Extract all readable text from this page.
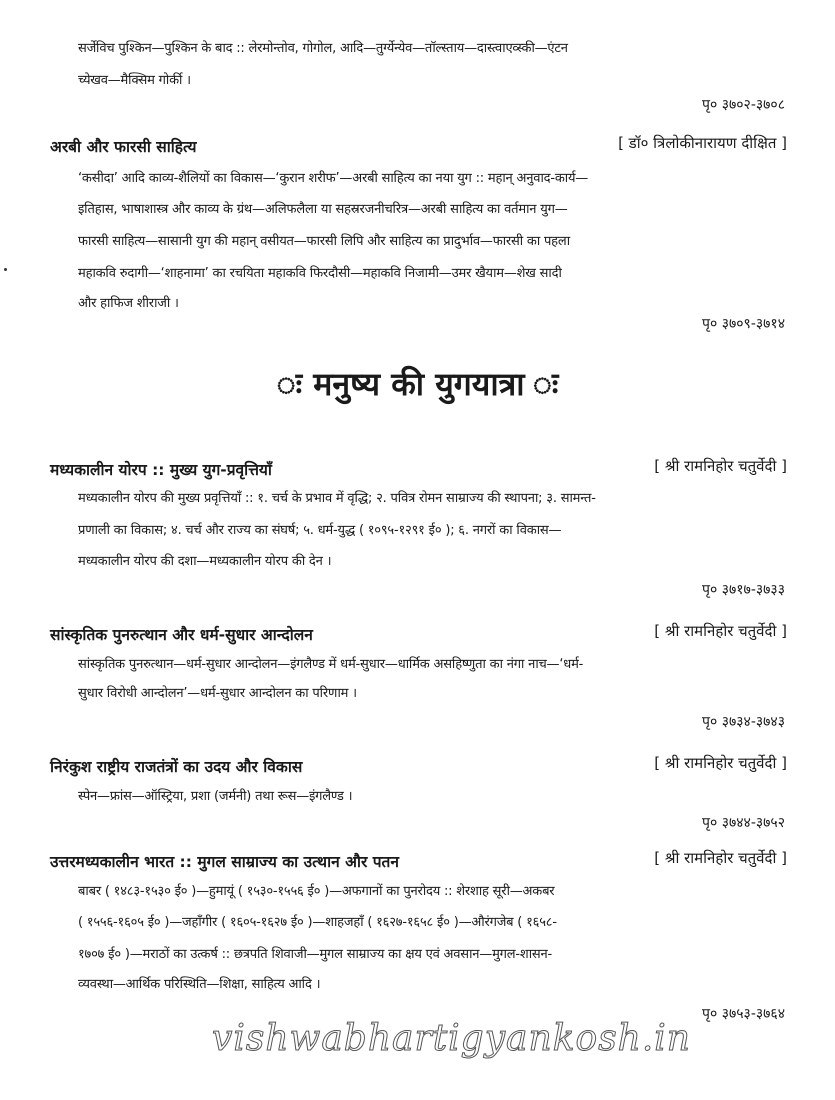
सर्जेविच पुश्किन—पुश्किन के बाद :: लेरमोन्तोव, गोगोल, आदि—तुर्ग्येन्येव—तॉल्स्ताय—दास्त्वाएव्स्की—एंटन
च्येखव—मैक्सिम गोर्की ।
पृ० ३७०२-३७०८
अरबी और फारसी साहित्य	[ डॉ० त्रिलोकीनारायण दीक्षित ]
‘कसीदा’ आदि काव्य-शैलियों का विकास—‘कुरान शरीफ’—अरबी साहित्य का नया युग :: महान् अनुवाद-कार्य—
इतिहास, भाषाशास्त्र और काव्य के ग्रंथ—अलिफलैला या सहस्ररजनीचरित्र—अरबी साहित्य का वर्तमान युग—
फारसी साहित्य—सासानी युग की महान् वसीयत—फारसी लिपि और साहित्य का प्रादुर्भाव—फारसी का पहला
महाकवि रुदागी—‘शाहनामा’ का रचयिता महाकवि फिरदौसी—महाकवि निजामी—उमर खैयाम—शेख सादी
और हाफिज शीराजी ।
पृ० ३७०९-३७१४
ः मनुष्य की युगयात्रा ः
मध्यकालीन योरप :: मुख्य युग-प्रवृत्तियाँ	[ श्री रामनिहोर चतुर्वेदी ]
मध्यकालीन योरप की मुख्य प्रवृत्तियाँ :: १. चर्च के प्रभाव में वृद्धि; २. पवित्र रोमन साम्राज्य की स्थापना; ३. सामन्त-
प्रणाली का विकास; ४. चर्च और राज्य का संघर्ष; ५. धर्म-युद्ध ( १०९५-१२९१ ई० ); ६. नगरों का विकास—
मध्यकालीन योरप की दशा—मध्यकालीन योरप की देन ।
पृ० ३७१७-३७३३
सांस्कृतिक पुनरुत्थान और धर्म-सुधार आन्दोलन	[ श्री रामनिहोर चतुर्वेदी ]
सांस्कृतिक पुनरुत्थान—धर्म-सुधार आन्दोलन—इंगलैण्ड में धर्म-सुधार—धार्मिक असहिष्णुता का नंगा नाच—‘धर्म-
सुधार विरोधी आन्दोलन’—धर्म-सुधार आन्दोलन का परिणाम ।
पृ० ३७३४-३७४३
निरंकुश राष्ट्रीय राजतंत्रों का उदय और विकास	[ श्री रामनिहोर चतुर्वेदी ]
स्पेन—फ्रांस—ऑस्ट्रिया, प्रशा (जर्मनी) तथा रूस—इंगलैण्ड ।
पृ० ३७४४-३७५२
उत्तरमध्यकालीन भारत :: मुगल साम्राज्य का उत्थान और पतन	[ श्री रामनिहोर चतुर्वेदी ]
बाबर ( १४८३-१५३० ई० )—हुमायूं ( १५३०-१५५६ ई० )—अफगानों का पुनरोदय :: शेरशाह सूरी—अकबर
( १५५६-१६०५ ई० )—जहाँगीर ( १६०५-१६२७ ई० )—शाहजहाँ ( १६२७-१६५८ ई० )—औरंगजेब ( १६५८-
१७०७ ई० )—मराठों का उत्कर्ष :: छत्रपति शिवाजी—मुगल साम्राज्य का क्षय एवं अवसान—मुगल-शासन-
व्यवस्था—आर्थिक परिस्थिति—शिक्षा, साहित्य आदि ।
पृ० ३७५३-३७६४
vishwabhartigyankosh.in
